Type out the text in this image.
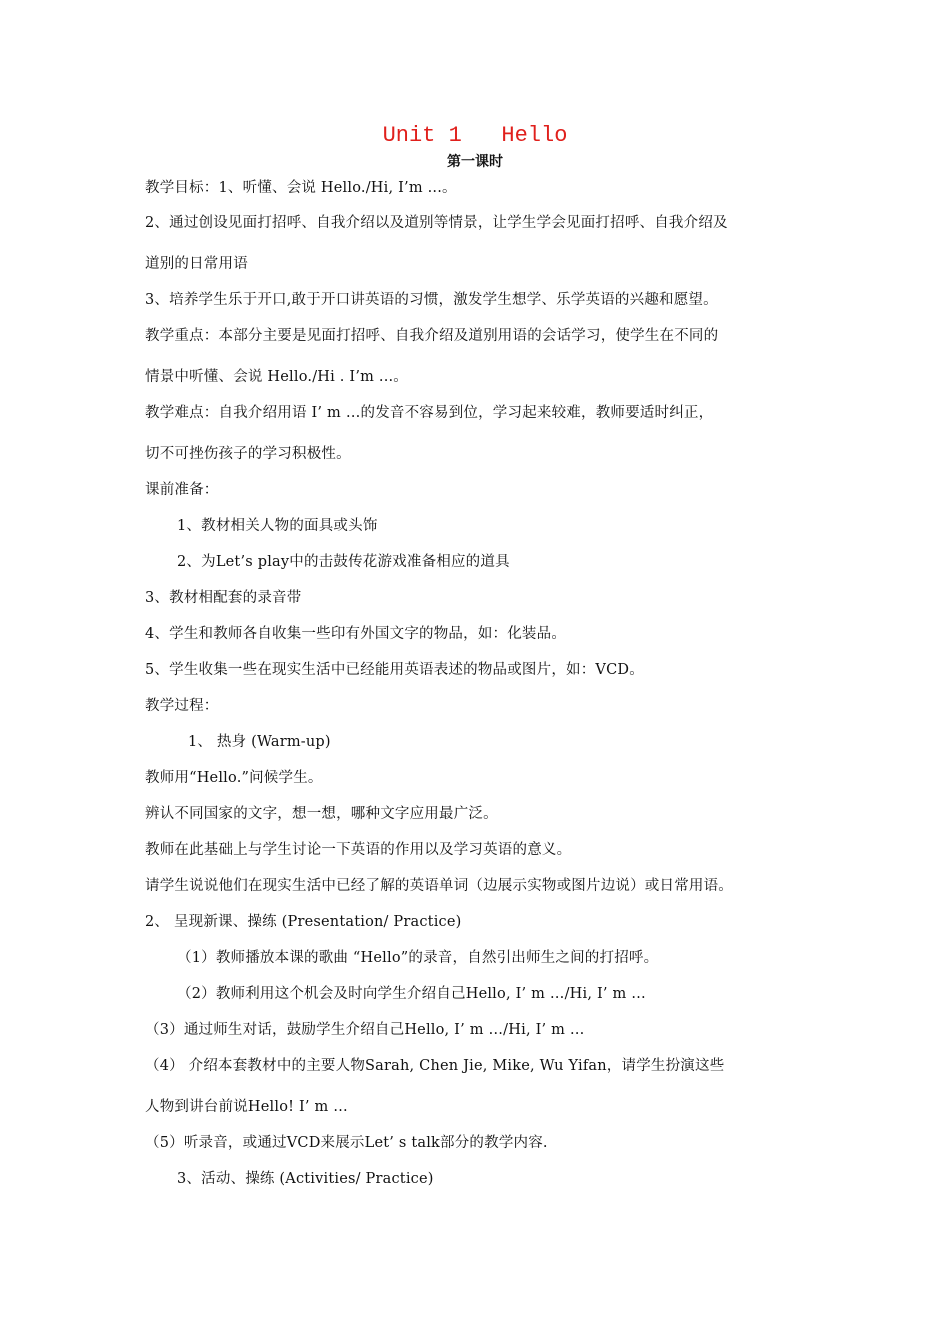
Unit 1   Hello
第一课时
教学目标：1、听懂、会说 Hello./Hi, I’m ...。
2、通过创设见面打招呼、自我介绍以及道别等情景，让学生学会见面打招呼、自我介绍及
道别的日常用语
3、培养学生乐于开口,敢于开口讲英语的习惯，激发学生想学、乐学英语的兴趣和愿望。
教学重点：本部分主要是见面打招呼、自我介绍及道别用语的会话学习，使学生在不同的
情景中听懂、会说 Hello./Hi . I’m ...。
教学难点：自我介绍用语 I’ m …的发音不容易到位，学习起来较难，教师要适时纠正，
切不可挫伤孩子的学习积极性。
课前准备：
1、教材相关人物的面具或头饰
2、为Let’s play中的击鼓传花游戏准备相应的道具
3、教材相配套的录音带
4、学生和教师各自收集一些印有外国文字的物品，如：化装品。
5、学生收集一些在现实生活中已经能用英语表述的物品或图片，如：VCD。
教学过程：
1、 热身 (Warm-up)
教师用“Hello.”问候学生。
辨认不同国家的文字，想一想，哪种文字应用最广泛。
教师在此基础上与学生讨论一下英语的作用以及学习英语的意义。
请学生说说他们在现实生活中已经了解的英语单词（边展示实物或图片边说）或日常用语。
2、 呈现新课、操练 (Presentation/ Practice)
（1）教师播放本课的歌曲 “Hello”的录音，自然引出师生之间的打招呼。
（2）教师利用这个机会及时向学生介绍自己Hello, I’ m …/Hi, I’ m …
（3）通过师生对话，鼓励学生介绍自己Hello, I’ m …/Hi, I’ m …
（4） 介绍本套教材中的主要人物Sarah, Chen Jie, Mike, Wu Yifan，请学生扮演这些
人物到讲台前说Hello! I’ m …
（5）听录音，或通过VCD来展示Let’ s talk部分的教学内容.
3、活动、操练 (Activities/ Practice)
